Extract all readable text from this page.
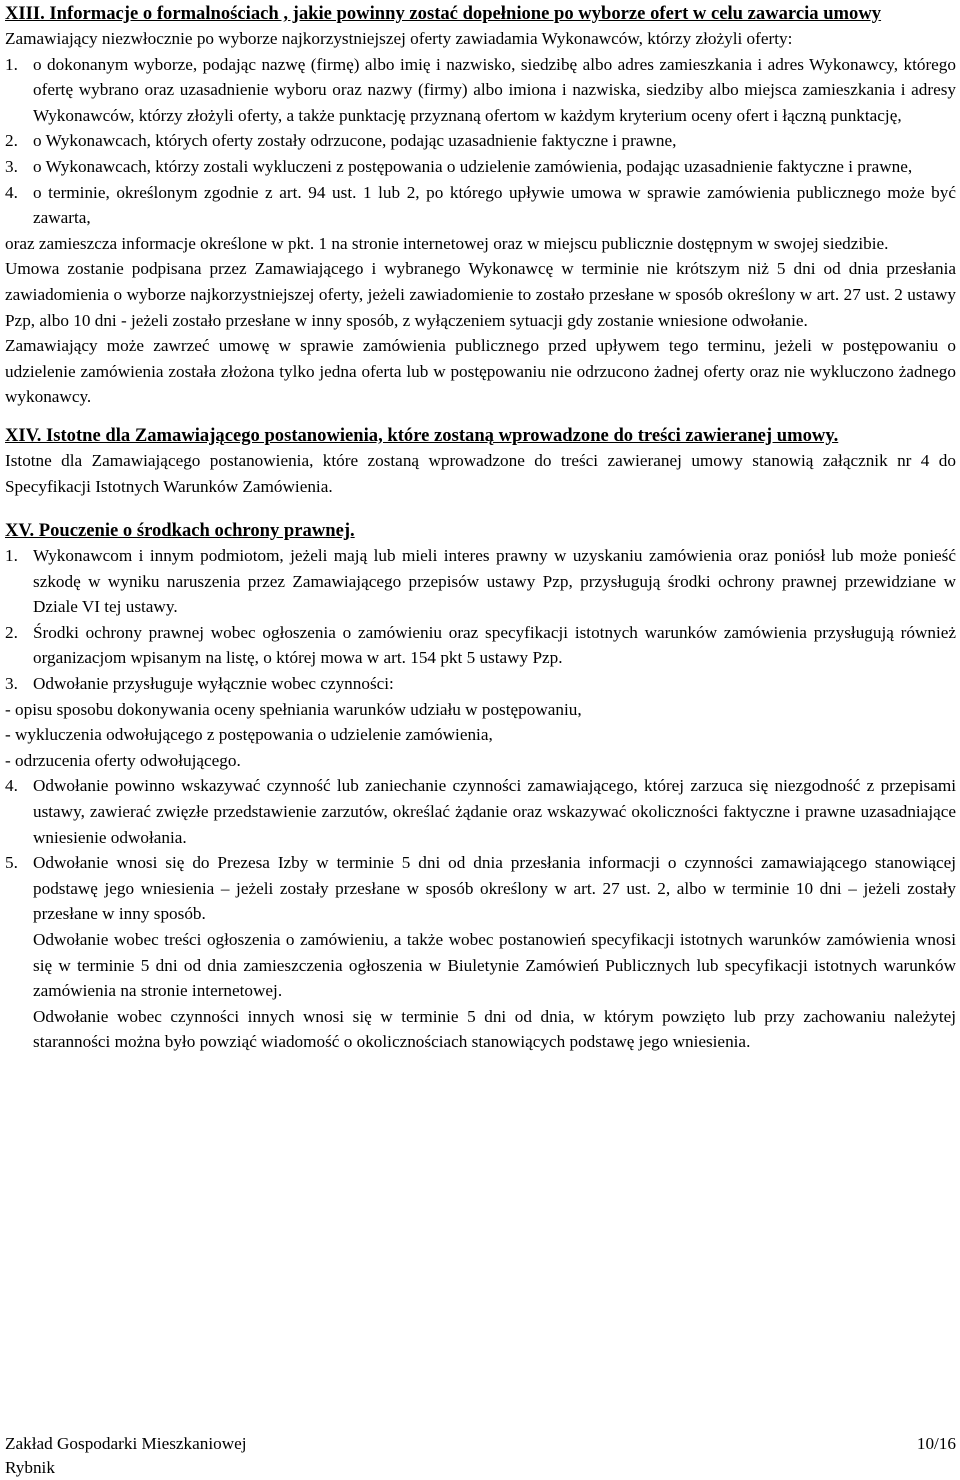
XIII. Informacje o formalnościach , jakie powinny zostać dopełnione po wyborze ofert w celu zawarcia umowy

Zamawiający niezwłocznie po wyborze najkorzystniejszej oferty zawiadamia Wykonawców, którzy złożyli oferty:

1. o dokonanym wyborze, podając nazwę (firmę) albo imię i nazwisko, siedzibę albo adres zamieszkania i adres Wykonawcy, którego ofertę wybrano oraz uzasadnienie wyboru oraz nazwy (firmy) albo imiona i nazwiska, siedziby albo miejsca zamieszkania i adresy Wykonawców, którzy złożyli oferty, a także punktację przyznaną ofertom w każdym kryterium oceny ofert i łączną punktację,
2. o Wykonawcach, których oferty zostały odrzucone, podając uzasadnienie faktyczne i prawne,
3. o Wykonawcach, którzy zostali wykluczeni z postępowania o udzielenie zamówienia, podając uzasadnienie faktyczne i prawne,
4. o terminie, określonym zgodnie z art. 94 ust. 1 lub 2, po którego upływie umowa w sprawie zamówienia publicznego może być zawarta,

oraz zamieszcza informacje określone w pkt. 1 na stronie internetowej oraz w miejscu publicznie dostępnym w swojej siedzibie.

Umowa zostanie podpisana przez Zamawiającego i wybranego Wykonawcę w terminie nie krótszym niż 5 dni od dnia przesłania zawiadomienia o wyborze najkorzystniejszej oferty, jeżeli zawiadomienie to zostało przesłane w sposób określony w art. 27 ust. 2 ustawy Pzp, albo 10 dni - jeżeli zostało przesłane w inny sposób, z wyłączeniem sytuacji gdy zostanie wniesione odwołanie.

Zamawiający może zawrzeć umowę w sprawie zamówienia publicznego przed upływem tego terminu, jeżeli w postępowaniu o udzielenie zamówienia została złożona tylko jedna oferta lub w postępowaniu nie odrzucono żadnej oferty oraz nie wykluczono żadnego wykonawcy.

XIV. Istotne dla Zamawiającego postanowienia, które zostaną wprowadzone do treści zawieranej umowy.

Istotne dla Zamawiającego postanowienia, które zostaną wprowadzone do treści zawieranej umowy stanowią załącznik nr 4 do Specyfikacji Istotnych Warunków Zamówienia.

XV. Pouczenie o środkach ochrony prawnej.
1. Wykonawcom i innym podmiotom, jeżeli mają lub mieli interes prawny w uzyskaniu zamówienia oraz poniósł lub może ponieść szkodę w wyniku naruszenia przez Zamawiającego przepisów ustawy Pzp, przysługują środki ochrony prawnej przewidziane w Dziale VI tej ustawy.
2. Środki ochrony prawnej wobec ogłoszenia o zamówieniu oraz specyfikacji istotnych warunków zamówienia przysługują również organizacjom wpisanym na listę, o której mowa w art. 154 pkt 5 ustawy Pzp.
3. Odwołanie przysługuje wyłącznie wobec czynności:
- opisu sposobu dokonywania oceny spełniania warunków udziału w postępowaniu,
- wykluczenia odwołującego z postępowania o udzielenie zamówienia,
- odrzucenia oferty odwołującego.
4. Odwołanie powinno wskazywać czynność lub zaniechanie czynności zamawiającego, której zarzuca się niezgodność z przepisami ustawy, zawierać zwięzłe przedstawienie zarzutów, określać żądanie oraz wskazywać okoliczności faktyczne i prawne uzasadniające wniesienie odwołania.
5. Odwołanie wnosi się do Prezesa Izby w terminie 5 dni od dnia przesłania informacji o czynności zamawiającego stanowiącej podstawę jego wniesienia – jeżeli zostały przesłane w sposób określony w art. 27 ust. 2, albo w terminie 10 dni – jeżeli zostały przesłane w inny sposób.
Odwołanie wobec treści ogłoszenia o zamówieniu, a także wobec postanowień specyfikacji istotnych warunków zamówienia wnosi się w terminie 5 dni od dnia zamieszczenia ogłoszenia w Biuletynie Zamówień Publicznych lub specyfikacji istotnych warunków zamówienia na stronie internetowej.
Odwołanie wobec czynności innych wnosi się w terminie 5 dni od dnia, w którym powzięto lub przy zachowaniu należytej staranności można było powziąć wiadomość o okolicznościach stanowiących podstawę jego wniesienia.
Zakład Gospodarki Mieszkaniowej
Rybnik
10/16
